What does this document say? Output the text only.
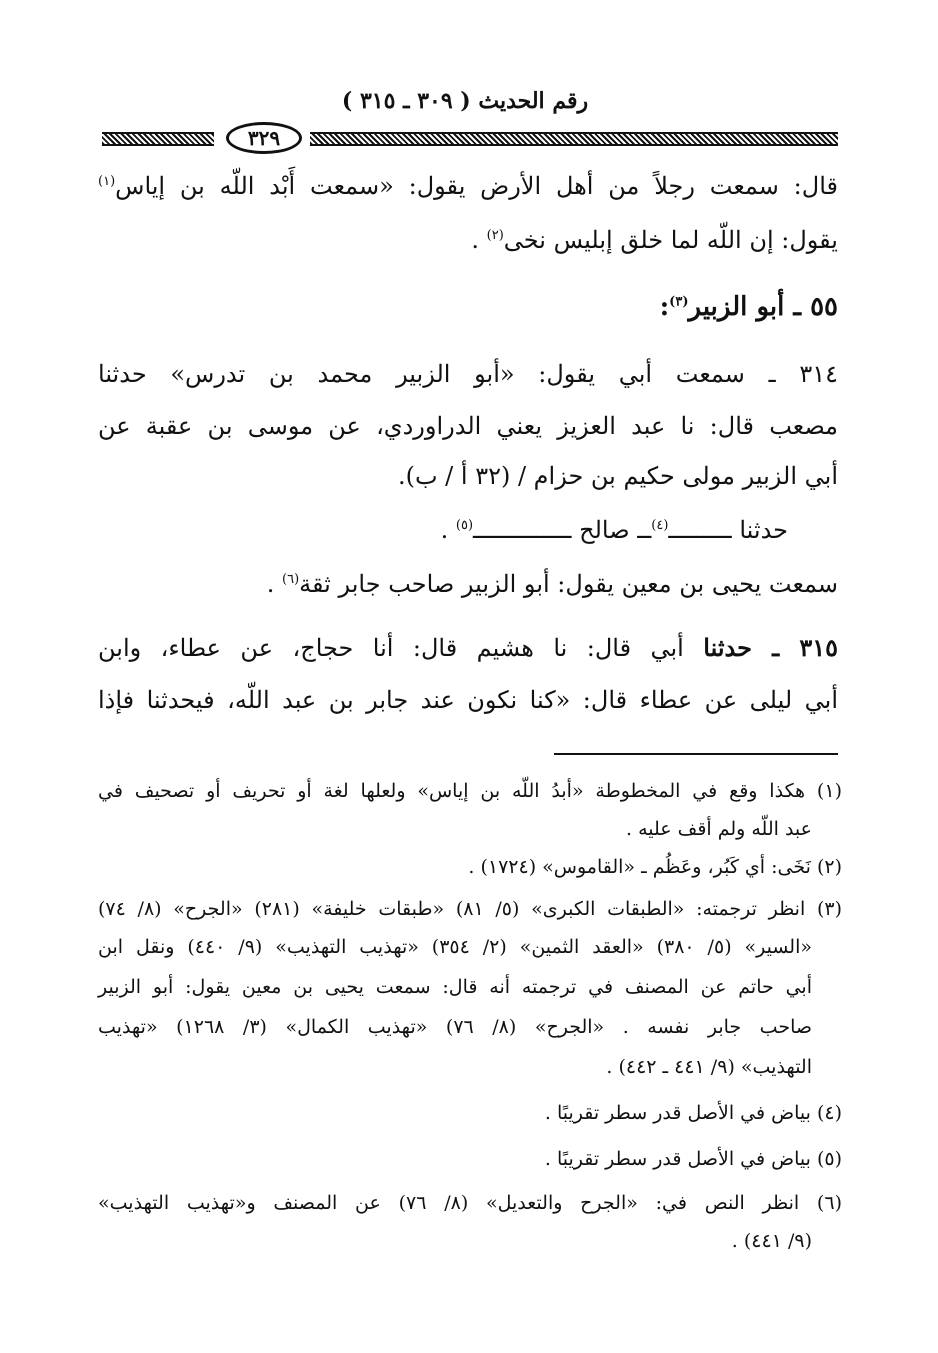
رقم الحديث ( ٣٠٩ ـ ٣١٥ )
٣٢٩
قال: سمعت رجلاً من أهل الأرض يقول: «سمعت أَبْد اللّه بن إياس$^{(١)}$
يقول: إن اللّه لما خلق إبليس نخى$^{(٢)}$ .
٥٥ ـ أبو الزبير$^{(٣)}$:
٣١٤ ـ سمعت أبي يقول: «أبو الزبير محمد بن تدرس» حدثنا
مصعب قال: نا عبد العزيز يعني الدراوردي، عن موسى بن عقبة عن
أبي الزبير مولى حكيم بن حزام / (٣٢ أ / ب).
حدثنا ـــــــــ$^{(٤)}$ــ صالح ــــــــــــــ$^{(٥)}$ .
سمعت يحيى بن معين يقول: أبو الزبير صاحب جابر ثقة$^{(٦)}$ .
٣١٥ ـ حدثنا أبي قال: نا هشيم قال: أنا حجاج، عن عطاء، وابن
أبي ليلى عن عطاء قال: «كنا نكون عند جابر بن عبد اللّه، فيحدثنا فإذا
(١) هكذا وقع في المخطوطة «أبدُ اللّه بن إياس» ولعلها لغة أو تحريف أو تصحيف في
عبد اللّه ولم أقف عليه .
(٢) نَخَى: أي كَبُر، وعَظُم ـ «القاموس» (١٧٢٤) .
(٣) انظر ترجمته: «الطبقات الكبرى» (٥/ ٨١) «طبقات خليفة» (٢٨١) «الجرح» (٨/ ٧٤)
«السير» (٥/ ٣٨٠) «العقد الثمين» (٢/ ٣٥٤) «تهذيب التهذيب» (٩/ ٤٤٠) ونقل ابن
أبي حاتم عن المصنف في ترجمته أنه قال: سمعت يحيى بن معين يقول: أبو الزبير
صاحب جابر نفسه . «الجرح» (٨/ ٧٦) «تهذيب الكمال» (٣/ ١٢٦٨) «تهذيب
التهذيب» (٩/ ٤٤١ ـ ٤٤٢) .
(٤) بياض في الأصل قدر سطر تقريبًا .
(٥) بياض في الأصل قدر سطر تقريبًا .
(٦) انظر النص في: «الجرح والتعديل» (٨/ ٧٦) عن المصنف و«تهذيب التهذيب»
(٩/ ٤٤١) .
